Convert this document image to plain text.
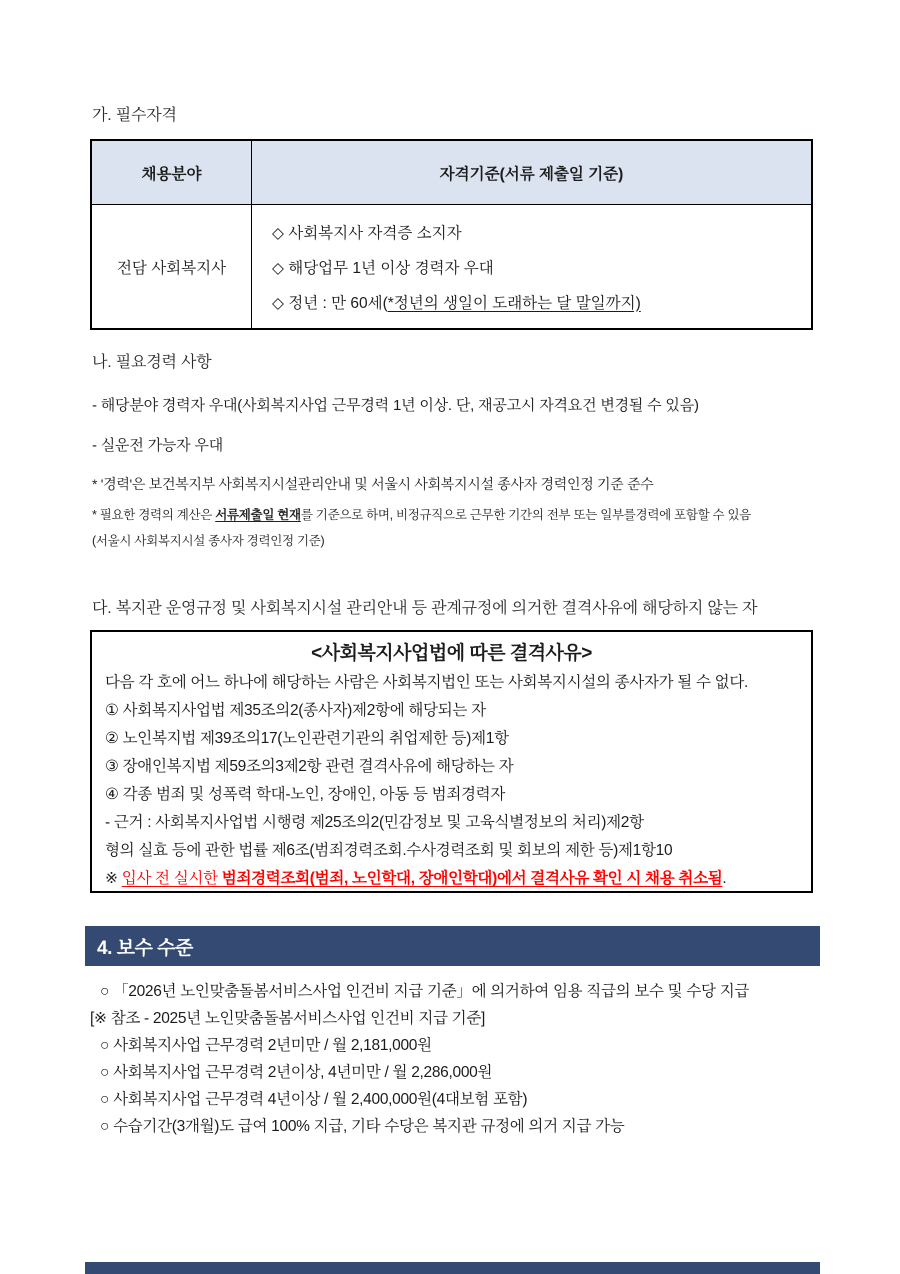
가. 필수자격
채용분야	자격기준(서류 제출일 기준)
전담 사회복지사
◇ 사회복지사 자격증 소지자
◇ 해당업무 1년 이상 경력자 우대
◇ 정년 : 만 60세(*정년의 생일이 도래하는 달 말일까지)
나. 필요경력 사항
- 해당분야 경력자 우대(사회복지사업 근무경력 1년 이상. 단, 재공고시 자격요건 변경될 수 있음)
- 실운전 가능자 우대
* '경력'은 보건복지부 사회복지시설관리안내 및 서울시 사회복지시설 종사자 경력인정 기준 준수
* 필요한 경력의 계산은 서류제출일 현재를 기준으로 하며, 비정규직으로 근무한 기간의 전부 또는 일부를경력에 포함할 수 있음
(서울시 사회복지시설 종사자 경력인정 기준)
다. 복지관 운영규정 및 사회복지시설 관리안내 등 관계규정에 의거한 결격사유에 해당하지 않는 자
<사회복지사업법에 따른 결격사유>
다음 각 호에 어느 하나에 해당하는 사람은 사회복지법인 또는 사회복지시설의 종사자가 될 수 없다.
① 사회복지사업법 제35조의2(종사자)제2항에 해당되는 자
② 노인복지법 제39조의17(노인관련기관의 취업제한 등)제1항
③ 장애인복지법 제59조의3제2항 관련 결격사유에 해당하는 자
④ 각종 범죄 및 성폭력 학대-노인, 장애인, 아동 등 범죄경력자
- 근거 : 사회복지사업법 시행령 제25조의2(민감정보 및 고육식별정보의 처리)제2항
형의 실효 등에 관한 법률 제6조(범죄경력조회.수사경력조회 및 회보의 제한 등)제1항10
※ 입사 전 실시한 범죄경력조회(범죄, 노인학대, 장애인학대)에서 결격사유 확인 시 채용 취소됨.
4. 보수 수준
○ 「2026년 노인맞춤돌봄서비스사업 인건비 지급 기준」에 의거하여 임용 직급의 보수 및 수당 지급
[※ 참조 - 2025년 노인맞춤돌봄서비스사업 인건비 지급 기준]
○ 사회복지사업 근무경력 2년미만 / 월 2,181,000원
○ 사회복지사업 근무경력 2년이상, 4년미만 / 월 2,286,000원
○ 사회복지사업 근무경력 4년이상 / 월 2,400,000원(4대보험 포함)
○ 수습기간(3개월)도 급여 100% 지급, 기타 수당은 복지관 규정에 의거 지급 가능
